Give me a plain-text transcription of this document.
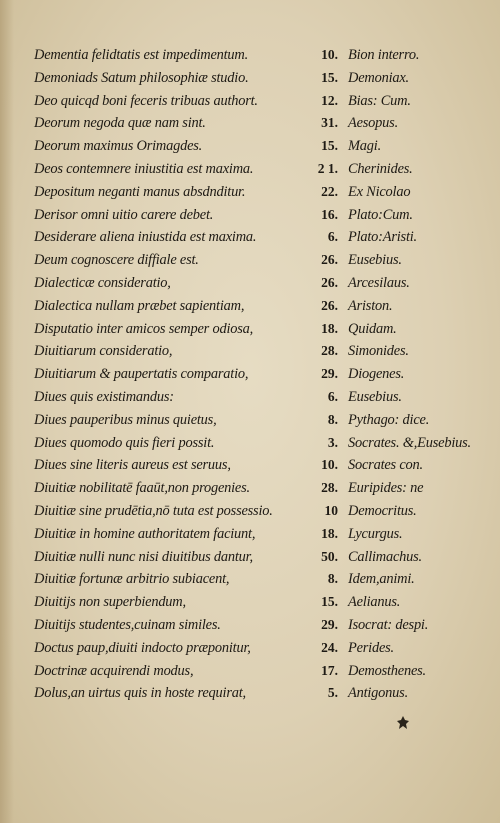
Dementia felidtatis est impedimentum.	10. Bion interro.
Demoniads Satum philosophiæ studio.	15. Demoniax.
Deo quicqd boni feceris tribuas authort.	12. Bias: Cum.
Deorum negoda quæ nam sint.	31. Aesopus.
Deorum maximus Orimagdes.	15. Magi.
Deos contemnere iniustitia est maxima.	2 1. Cherinides.
Depositum neganti manus absdnditur.	22. Ex Nicolao
Derisor omni uitio carere debet.	16. Plato:Cum.
Desiderare aliena iniustida est maxima.	6. Plato:Aristi.
Deum cognoscere diffiale est.	26. Eusebius.
Dialecticæ consideratio,	26. Arcesilaus.
Dialectica nullam præbet sapientiam,	26. Ariston.
Disputatio inter amicos semper odiosa,	18. Quidam.
Diuitiarum consideratio,	28. Simonides.
Diuitiarum & paupertatis comparatio,	29. Diogenes.
Diues quis existimandus:	6. Eusebius.
Diues pauperibus minus quietus,	8. Pythago: dice.
Diues quomodo quis fieri possit.	3. Socrates. &,Eusebius.
Diues sine literis aureus est seruus,	10. Socrates con.
Diuitiæ nobilitatē faaūt,non progenies.	28. Euripides: ne
Diuitiæ sine prudētia,nō tuta est possessio.	10 Democritus.
Diuitiæ in homine authoritatem faciunt,	18. Lycurgus.
Diuitiæ nulli nunc nisi diuitibus dantur,	50. Callimachus.
Diuitiæ fortunæ arbitrio subiacent,	8. Idem,animi.
Diuitijs non superbiendum,	15. Aelianus.
Diuitijs studentes,cuinam similes.	29. Isocrat: despi.
Doctus paup,diuiti indocto præponitur,	24. Perides.
Doctrinæ acquirendi modus,	17. Demosthenes.
Dolus,an uirtus quis in hoste requirat,	5. Antigonus.
